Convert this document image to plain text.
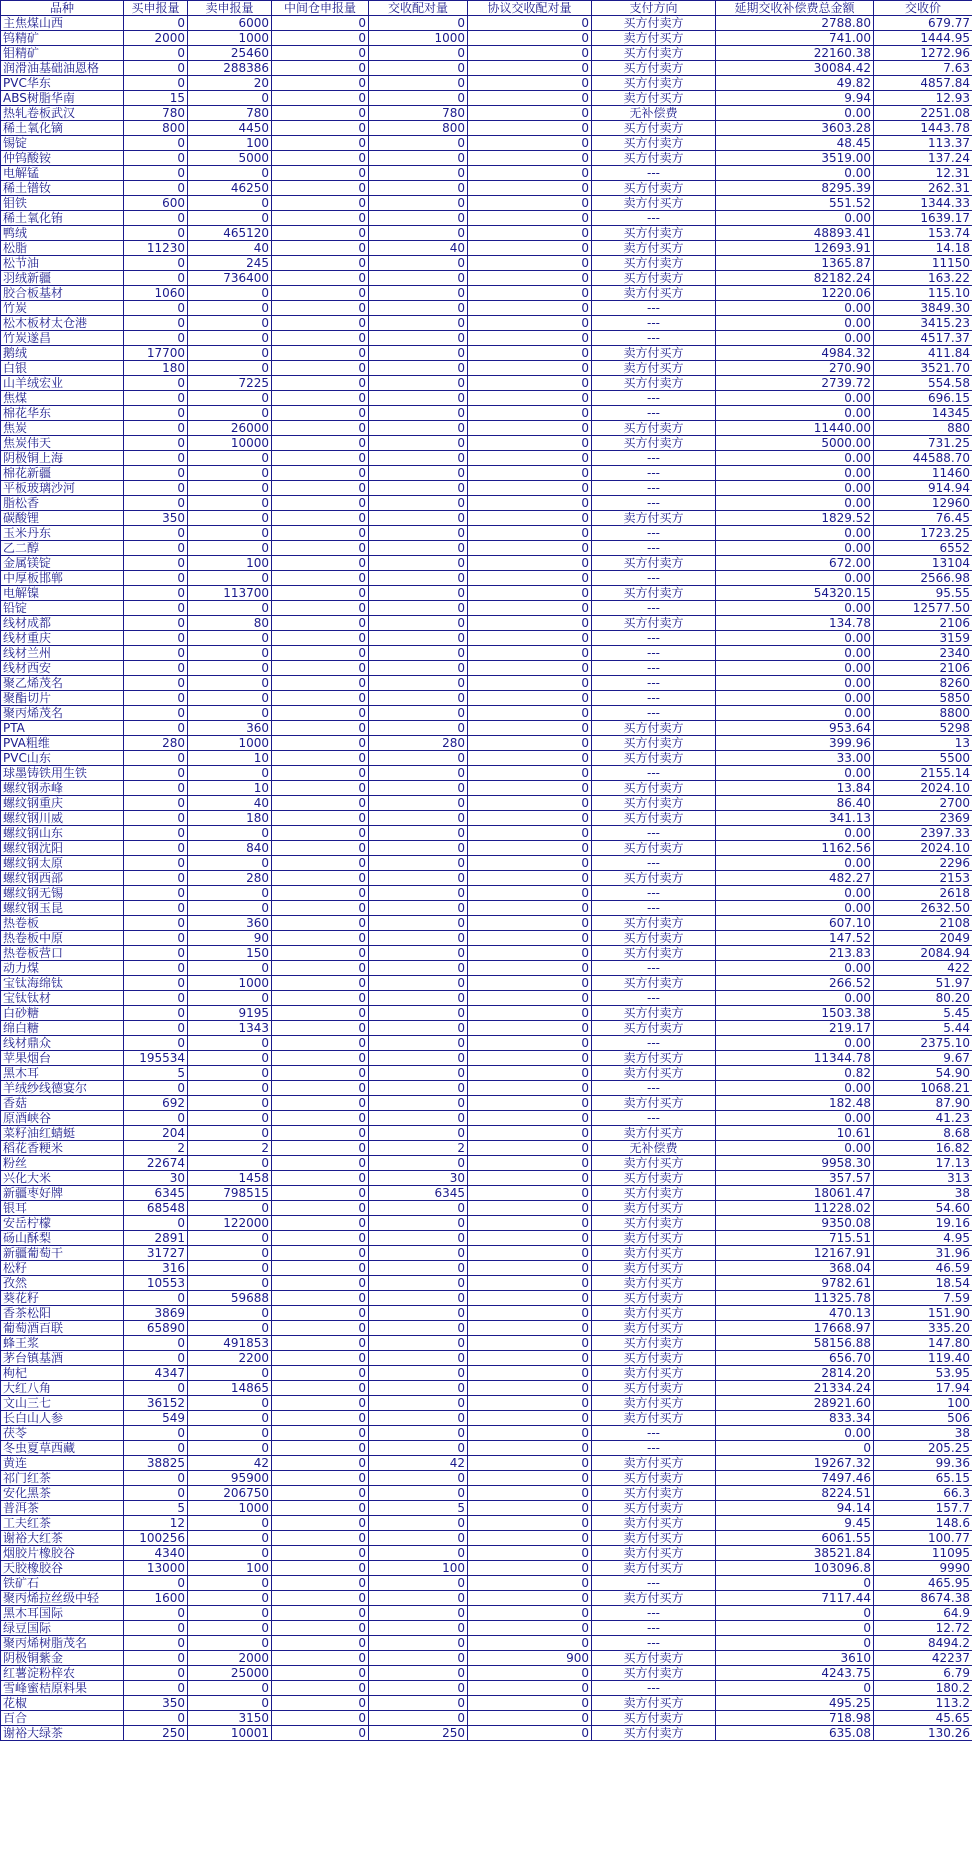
品种	买申报量	卖申报量	中间仓申报量	交收配对量	协议交收配对量	支付方向	延期交收补偿费总金额	交收价
主焦煤山西	0	6000	0	0	0	买方付卖方	2788.80	679.77
钨精矿	2000	1000	0	1000	0	卖方付买方	741.00	1444.95
钼精矿	0	25460	0	0	0	买方付卖方	22160.38	1272.96
润滑油基础油恩格	0	288386	0	0	0	买方付卖方	30084.42	7.63
PVC华东	0	20	0	0	0	买方付卖方	49.82	4857.84
ABS树脂华南	15	0	0	0	0	卖方付买方	9.94	12.93
热轧卷板武汉	780	780	0	780	0	无补偿费	0.00	2251.08
稀土氧化镝	800	4450	0	800	0	买方付卖方	3603.28	1443.78
锡锭	0	100	0	0	0	买方付卖方	48.45	113.37
仲钨酸铵	0	5000	0	0	0	买方付卖方	3519.00	137.24
电解锰	0	0	0	0	0	---	0.00	12.31
稀土镨钕	0	46250	0	0	0	买方付卖方	8295.39	262.31
钼铁	600	0	0	0	0	卖方付买方	551.52	1344.33
稀土氧化铕	0	0	0	0	0	---	0.00	1639.17
鸭绒	0	465120	0	0	0	买方付卖方	48893.41	153.74
松脂	11230	40	0	40	0	卖方付买方	12693.91	14.18
松节油	0	245	0	0	0	买方付卖方	1365.87	11150
羽绒新疆	0	736400	0	0	0	买方付卖方	82182.24	163.22
胶合板基材	1060	0	0	0	0	卖方付买方	1220.06	115.10
竹炭	0	0	0	0	0	---	0.00	3849.30
松木板材太仓港	0	0	0	0	0	---	0.00	3415.23
竹炭遂昌	0	0	0	0	0	---	0.00	4517.37
鹅绒	17700	0	0	0	0	卖方付买方	4984.32	411.84
白银	180	0	0	0	0	卖方付买方	270.90	3521.70
山羊绒宏业	0	7225	0	0	0	买方付卖方	2739.72	554.58
焦煤	0	0	0	0	0	---	0.00	696.15
棉花华东	0	0	0	0	0	---	0.00	14345
焦炭	0	26000	0	0	0	买方付卖方	11440.00	880
焦炭伟天	0	10000	0	0	0	买方付卖方	5000.00	731.25
阴极铜上海	0	0	0	0	0	---	0.00	44588.70
棉花新疆	0	0	0	0	0	---	0.00	11460
平板玻璃沙河	0	0	0	0	0	---	0.00	914.94
脂松香	0	0	0	0	0	---	0.00	12960
碳酸锂	350	0	0	0	0	卖方付买方	1829.52	76.45
玉米丹东	0	0	0	0	0	---	0.00	1723.25
乙二醇	0	0	0	0	0	---	0.00	6552
金属镁锭	0	100	0	0	0	买方付卖方	672.00	13104
中厚板邯郸	0	0	0	0	0	---	0.00	2566.98
电解镍	0	113700	0	0	0	买方付卖方	54320.15	95.55
铅锭	0	0	0	0	0	---	0.00	12577.50
线材成都	0	80	0	0	0	买方付卖方	134.78	2106
线材重庆	0	0	0	0	0	---	0.00	3159
线材兰州	0	0	0	0	0	---	0.00	2340
线材西安	0	0	0	0	0	---	0.00	2106
聚乙烯茂名	0	0	0	0	0	---	0.00	8260
聚酯切片	0	0	0	0	0	---	0.00	5850
聚丙烯茂名	0	0	0	0	0	---	0.00	8800
PTA	0	360	0	0	0	买方付卖方	953.64	5298
PVA粗维	280	1000	0	280	0	买方付卖方	399.96	13
PVC山东	0	10	0	0	0	买方付卖方	33.00	5500
球墨铸铁用生铁	0	0	0	0	0	---	0.00	2155.14
螺纹钢赤峰	0	10	0	0	0	买方付卖方	13.84	2024.10
螺纹钢重庆	0	40	0	0	0	买方付卖方	86.40	2700
螺纹钢川威	0	180	0	0	0	买方付卖方	341.13	2369
螺纹钢山东	0	0	0	0	0	---	0.00	2397.33
螺纹钢沈阳	0	840	0	0	0	买方付卖方	1162.56	2024.10
螺纹钢太原	0	0	0	0	0	---	0.00	2296
螺纹钢西部	0	280	0	0	0	买方付卖方	482.27	2153
螺纹钢无锡	0	0	0	0	0	---	0.00	2618
螺纹钢玉昆	0	0	0	0	0	---	0.00	2632.50
热卷板	0	360	0	0	0	买方付卖方	607.10	2108
热卷板中原	0	90	0	0	0	买方付卖方	147.52	2049
热卷板营口	0	150	0	0	0	买方付卖方	213.83	2084.94
动力煤	0	0	0	0	0	---	0.00	422
宝钛海绵钛	0	1000	0	0	0	买方付卖方	266.52	51.97
宝钛钛材	0	0	0	0	0	---	0.00	80.20
白砂糖	0	9195	0	0	0	买方付卖方	1503.38	5.45
绵白糖	0	1343	0	0	0	买方付卖方	219.17	5.44
线材鼎众	0	0	0	0	0	---	0.00	2375.10
苹果烟台	195534	0	0	0	0	卖方付买方	11344.78	9.67
黑木耳	5	0	0	0	0	卖方付买方	0.82	54.90
羊绒纱线德宴尔	0	0	0	0	0	---	0.00	1068.21
香菇	692	0	0	0	0	卖方付买方	182.48	87.90
原酒峡谷	0	0	0	0	0	---	0.00	41.23
菜籽油红蜻蜓	204	0	0	0	0	卖方付买方	10.61	8.68
稻花香粳米	2	2	0	2	0	无补偿费	0.00	16.82
粉丝	22674	0	0	0	0	卖方付买方	9958.30	17.13
兴化大米	30	1458	0	30	0	买方付卖方	357.57	313
新疆枣好牌	6345	798515	0	6345	0	买方付卖方	18061.47	38
银耳	68548	0	0	0	0	卖方付买方	11228.02	54.60
安岳柠檬	0	122000	0	0	0	买方付卖方	9350.08	19.16
砀山酥梨	2891	0	0	0	0	卖方付买方	715.51	4.95
新疆葡萄干	31727	0	0	0	0	卖方付买方	12167.91	31.96
松籽	316	0	0	0	0	卖方付买方	368.04	46.59
孜然	10553	0	0	0	0	卖方付买方	9782.61	18.54
葵花籽	0	59688	0	0	0	买方付卖方	11325.78	7.59
香茶松阳	3869	0	0	0	0	卖方付买方	470.13	151.90
葡萄酒百联	65890	0	0	0	0	卖方付买方	17668.97	335.20
蜂王浆	0	491853	0	0	0	买方付卖方	58156.88	147.80
茅台镇基酒	0	2200	0	0	0	买方付卖方	656.70	119.40
枸杞	4347	0	0	0	0	卖方付买方	2814.20	53.95
大红八角	0	14865	0	0	0	买方付卖方	21334.24	17.94
文山三七	36152	0	0	0	0	卖方付买方	28921.60	100
长白山人参	549	0	0	0	0	卖方付买方	833.34	506
茯苓	0	0	0	0	0	---	0.00	38
冬虫夏草西藏	0	0	0	0	0	---	0	205.25
黄连	38825	42	0	42	0	卖方付买方	19267.32	99.36
祁门红茶	0	95900	0	0	0	买方付卖方	7497.46	65.15
安化黑茶	0	206750	0	0	0	买方付卖方	8224.51	66.3
普洱茶	5	1000	0	5	0	买方付卖方	94.14	157.7
工夫红茶	12	0	0	0	0	卖方付买方	9.45	148.6
谢裕大红茶	100256	0	0	0	0	卖方付买方	6061.55	100.77
烟胶片橡胶谷	4340	0	0	0	0	卖方付买方	38521.84	11095
天胶橡胶谷	13000	100	0	100	0	卖方付买方	103096.8	9990
铁矿石	0	0	0	0	0	---	0	465.95
聚丙烯拉丝级中轻	1600	0	0	0	0	卖方付买方	7117.44	8674.38
黑木耳国际	0	0	0	0	0	---	0	64.9
绿豆国际	0	0	0	0	0	---	0	12.72
聚丙烯树脂茂名	0	0	0	0	0	---	0	8494.2
阴极铜紫金	0	2000	0	0	900	买方付卖方	3610	42237
红薯淀粉梓农	0	25000	0	0	0	买方付卖方	4243.75	6.79
雪峰蜜桔原料果	0	0	0	0	0	---	0	180.2
花椒	350	0	0	0	0	卖方付买方	495.25	113.2
百合	0	3150	0	0	0	买方付卖方	718.98	45.65
谢裕大绿茶	250	10001	0	250	0	买方付卖方	635.08	130.26
